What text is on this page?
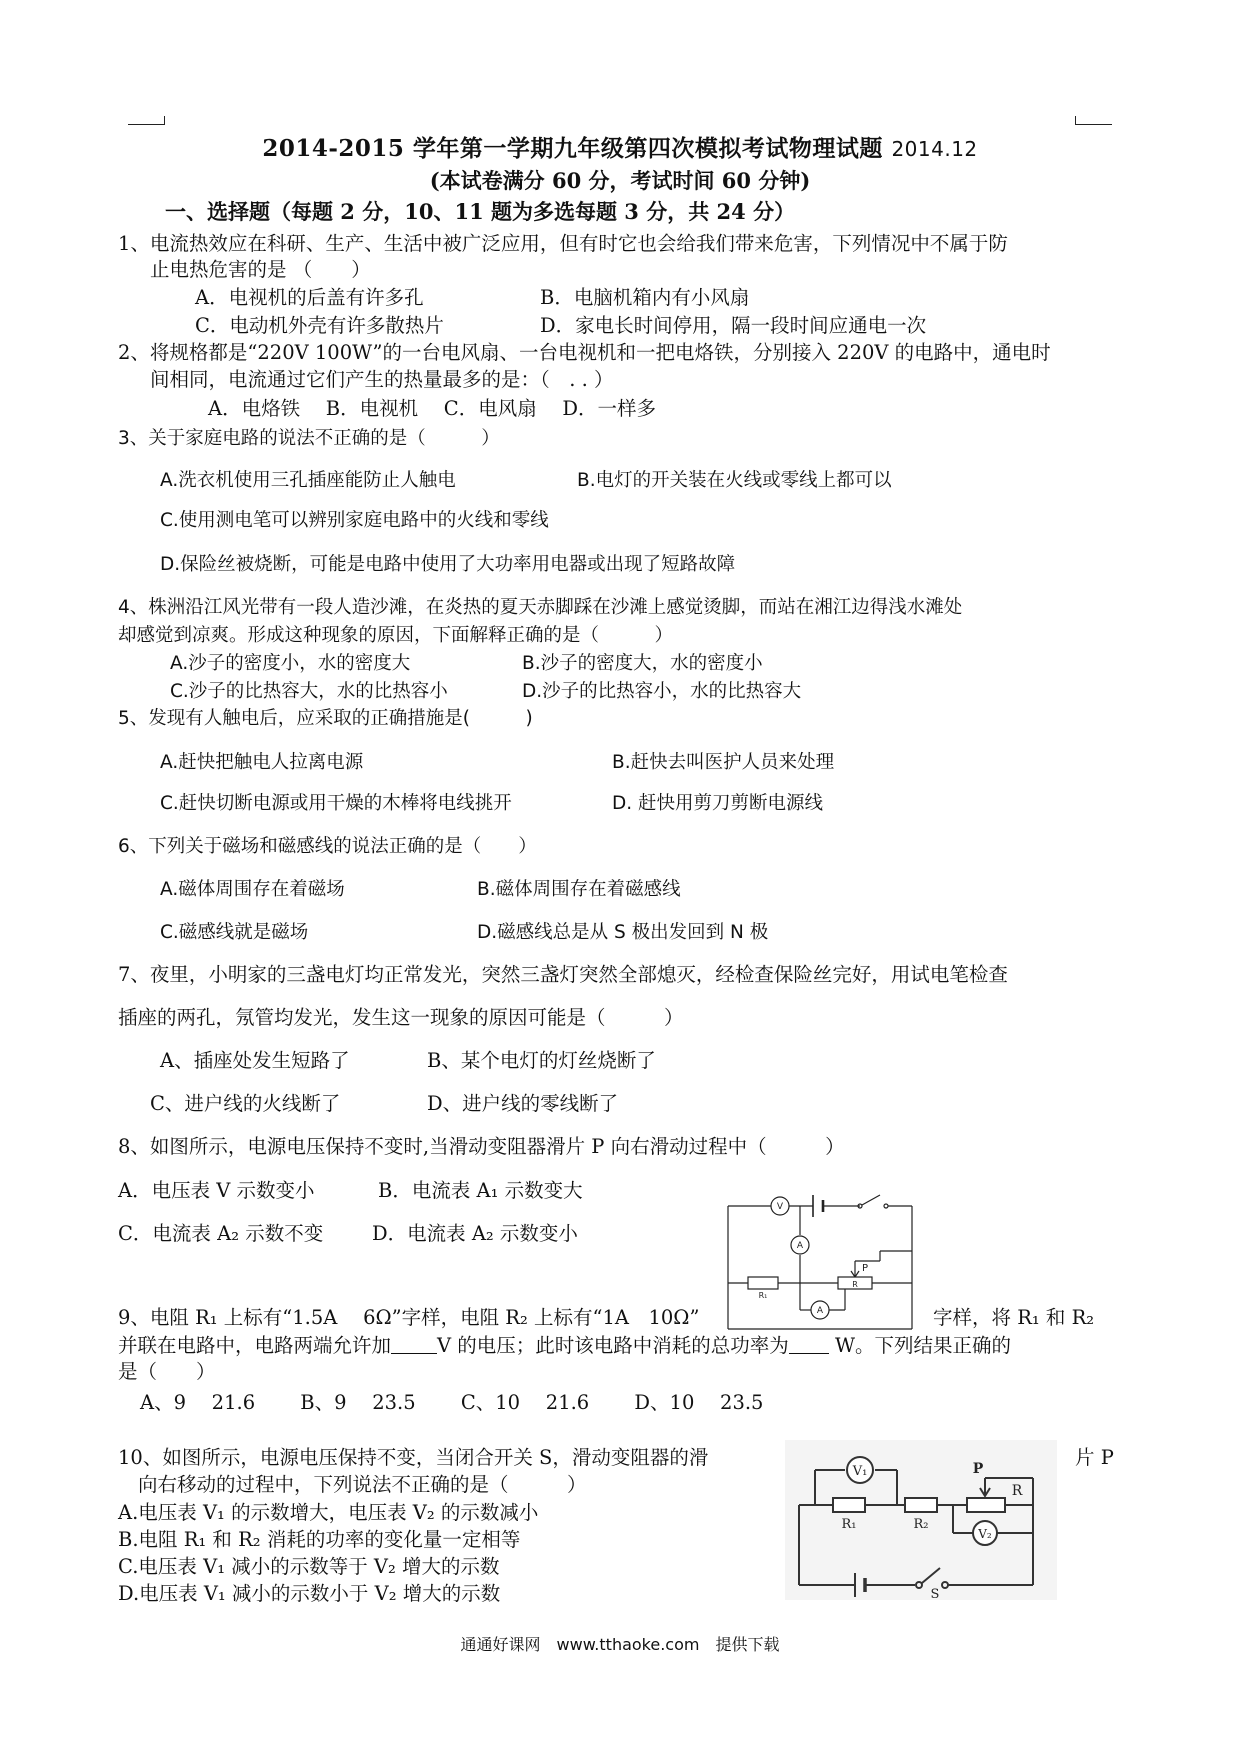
2014-2015 学年第一学期九年级第四次模拟考试物理试题 2014.12
(本试卷满分 60 分，考试时间 60 分钟)
一、选择题（每题 2 分，10、11 题为多选每题 3 分，共 24 分）
1、电流热效应在科研、生产、生活中被广泛应用，但有时它也会给我们带来危害，下列情况中不属于防
止电热危害的是 （　　）
A．电视机的后盖有许多孔	B．电脑机箱内有小风扇
C．电动机外壳有许多散热片	D．家电长时间停用，隔一段时间应通电一次
2、将规格都是“220V 100W”的一台电风扇、一台电视机和一把电烙铁，分别接入 220V 的电路中，通电时
间相同，电流通过它们产生的热量最多的是：（　. . ）
A．电烙铁　 B．电视机　 C．电风扇　 D．一样多
3、关于家庭电路的说法不正确的是（　　　）
A.洗衣机使用三孔插座能防止人触电	B.电灯的开关装在火线或零线上都可以
C.使用测电笔可以辨别家庭电路中的火线和零线
D.保险丝被烧断，可能是电路中使用了大功率用电器或出现了短路故障
4、株洲沿江风光带有一段人造沙滩，在炎热的夏天赤脚踩在沙滩上感觉烫脚，而站在湘江边得浅水滩处
却感觉到凉爽。形成这种现象的原因，下面解释正确的是（　　　）
A.沙子的密度小，水的密度大	B.沙子的密度大，水的密度小
C.沙子的比热容大，水的比热容小	D.沙子的比热容小，水的比热容大
5、发现有人触电后，应采取的正确措施是(　　　)
A.赶快把触电人拉离电源	B.赶快去叫医护人员来处理
C.赶快切断电源或用干燥的木棒将电线挑开	D. 赶快用剪刀剪断电源线
6、下列关于磁场和磁感线的说法正确的是（　　）
A.磁体周围存在着磁场	B.磁体周围存在着磁感线
C.磁感线就是磁场	D.磁感线总是从 S 极出发回到 N 极
7、夜里，小明家的三盏电灯均正常发光，突然三盏灯突然全部熄灭，经检查保险丝完好，用试电笔检查
插座的两孔，氖管均发光，发生这一现象的原因可能是（　　　）
A、插座处发生短路了	B、某个电灯的灯丝烧断了
C、进户线的火线断了	D、进户线的零线断了
8、如图所示，电源电压保持不变时,当滑动变阻器滑片 P 向右滑动过程中（　　　）
A．电压表 V 示数变小	B．电流表 A₁ 示数变大
C．电流表 A₂ 示数不变	D．电流表 A₂ 示数变小
V
A
A
P
R₁
R
9、电阻 R₁ 上标有“1.5A　 6Ω”字样，电阻 R₂ 上标有“1A　10Ω”	字样，将 R₁ 和 R₂
并联在电路中，电路两端允许加 V 的电压；此时该电路中消耗的总功率为 W。下列结果正确的
是（　　）
A、9　 21.6　　 B、9　 23.5　　 C、10　 21.6　　 D、10　 23.5
10、如图所示，电源电压保持不变，当闭合开关 S，滑动变阻器的滑	片 P
向右移动的过程中，下列说法不正确的是（　　　）
A.电压表 V₁ 的示数增大，电压表 V₂ 的示数减小
B.电阻 R₁ 和 R₂ 消耗的功率的变化量一定相等
C.电压表 V₁ 减小的示数等于 V₂ 增大的示数
D.电压表 V₁ 减小的示数小于 V₂ 增大的示数
V₁
V₂
R₁	R₂
R
P
S
通通好课网　www.tthaoke.com　提供下载
